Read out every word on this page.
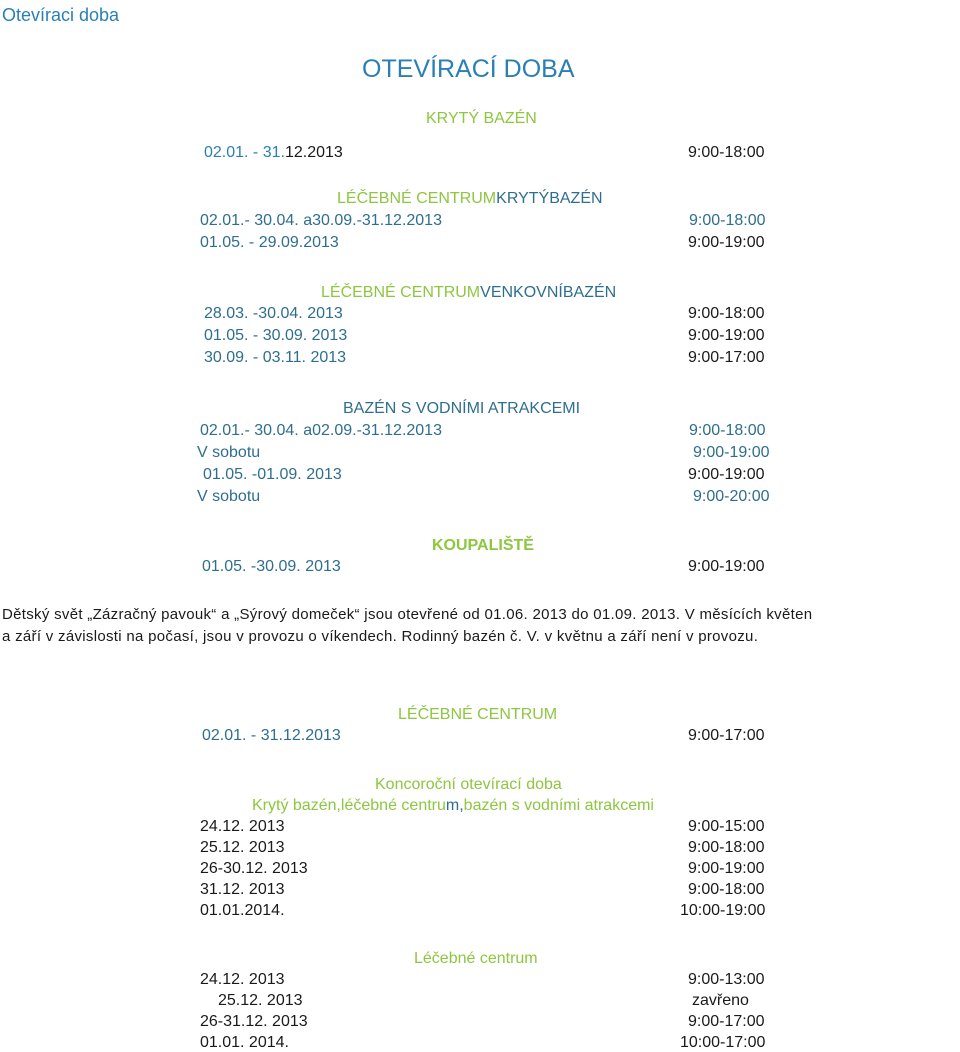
Otevíraci doba
OTEVÍRACÍ DOBA
KRYTÝ BAZÉN
02.01. - 31.12.2013	9:00-18:00
LÉČEBNÉ CENTRUMKRYTÝBAZÉN
02.01.- 30.04. a30.09.-31.12.2013	9:00-18:00
01.05. - 29.09.2013	9:00-19:00
LÉČEBNÉ CENTRUMVENKOVNÍBAZÉN
28.03. -30.04. 2013	9:00-18:00
01.05. - 30.09. 2013	9:00-19:00
30.09. - 03.11. 2013	9:00-17:00
BAZÉN S VODNÍMI ATRAKCEMI
02.01.- 30.04. a02.09.-31.12.2013	9:00-18:00
V sobotu	9:00-19:00
01.05. -01.09. 2013	9:00-19:00
V sobotu	9:00-20:00
KOUPALIŠTĚ
01.05. -30.09. 2013	9:00-19:00
Dětský svět „Zázračný pavouk“ a „Sýrový domeček“ jsou otevřené od 01.06. 2013 do 01.09. 2013. V měsících květen
a září v závislosti na počasí, jsou v provozu o víkendech. Rodinný bazén č. V. v květnu a září není v provozu.
LÉČEBNÉ CENTRUM
02.01. - 31.12.2013	9:00-17:00
Koncoroční otevírací doba
Krytý bazén,léčebné centrum,bazén s vodními atrakcemi
24.12. 2013	9:00-15:00
25.12. 2013	9:00-18:00
26-30.12. 2013	9:00-19:00
31.12. 2013	9:00-18:00
01.01.2014.	10:00-19:00
Léčebné centrum
24.12. 2013	9:00-13:00
25.12. 2013	zavřeno
26-31.12. 2013	9:00-17:00
01.01. 2014.	10:00-17:00
